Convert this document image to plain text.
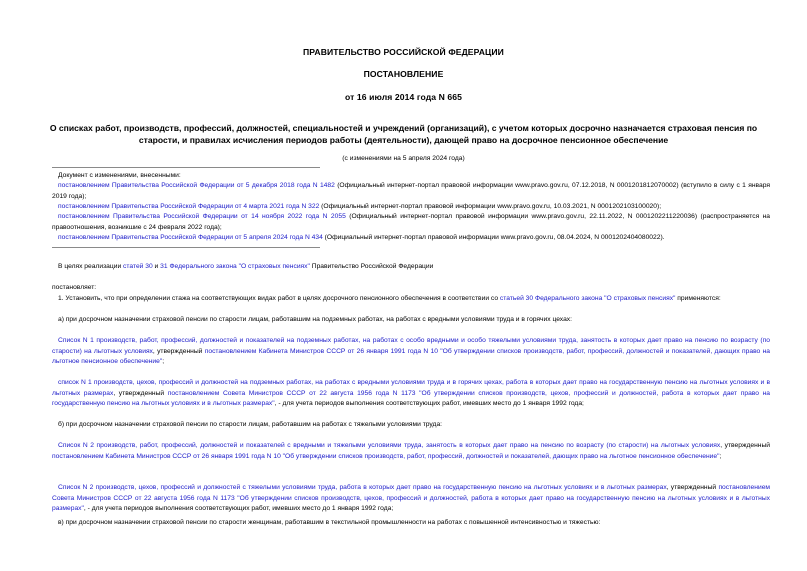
ПРАВИТЕЛЬСТВО РОССИЙСКОЙ ФЕДЕРАЦИИ
ПОСТАНОВЛЕНИЕ
от 16 июля 2014 года N 665
О списках работ, производств, профессий, должностей, специальностей и учреждений (организаций), с учетом которых досрочно назначается страховая пенсия по старости, и правилах исчисления периодов работы (деятельности), дающей право на досрочное пенсионное обеспечение
(с изменениями на 5 апреля 2024 года)

Документ с изменениями, внесенными:

постановлением Правительства Российской Федерации от 5 декабря 2018 года N 1482 (Официальный интернет-портал правовой информации www.pravo.gov.ru, 07.12.2018, N 0001201812070002) (вступило в силу с 1 января 2019 года);

постановлением Правительства Российской Федерации от 4 марта 2021 года N 322 (Официальный интернет-портал правовой информации www.pravo.gov.ru, 10.03.2021, N 0001202103100020);

постановлением Правительства Российской Федерации от 14 ноября 2022 года N 2055 (Официальный интернет-портал правовой информации www.pravo.gov.ru, 22.11.2022, N 0001202211220036) (распространяется на правоотношения, возникшие с 24 февраля 2022 года);

постановлением Правительства Российской Федерации от 5 апреля 2024 года N 434 (Официальный интернет-портал правовой информации www.pravo.gov.ru, 08.04.2024, N 0001202404080022).

В целях реализации статей 30 и 31 Федерального закона "О страховых пенсиях" Правительство Российской Федерации

постановляет:

1. Установить, что при определении стажа на соответствующих видах работ в целях досрочного пенсионного обеспечения в соответствии со статьей 30 Федерального закона "О страховых пенсиях" применяются:

а) при досрочном назначении страховой пенсии по старости лицам, работавшим на подземных работах, на работах с вредными условиями труда и в горячих цехах:

Список N 1 производств, работ, профессий, должностей и показателей на подземных работах, на работах с особо вредными и особо тяжелыми условиями труда, занятость в которых дает право на пенсию по возрасту (по старости) на льготных условиях, утвержденный постановлением Кабинета Министров СССР от 26 января 1991 года N 10 "Об утверждении списков производств, работ, профессий, должностей и показателей, дающих право на льготное пенсионное обеспечение";

список N 1 производств, цехов, профессий и должностей на подземных работах, на работах с вредными условиями труда и в горячих цехах, работа в которых дает право на государственную пенсию на льготных условиях и в льготных размерах, утвержденный постановлением Совета Министров СССР от 22 августа 1956 года N 1173 "Об утверждении списков производств, цехов, профессий и должностей, работа в которых дает право на государственную пенсию на льготных условиях и в льготных размерах", - для учета периодов выполнения соответствующих работ, имевших место до 1 января 1992 года;

б) при досрочном назначении страховой пенсии по старости лицам, работавшим на работах с тяжелыми условиями труда:

Список N 2 производств, работ, профессий, должностей и показателей с вредными и тяжелыми условиями труда, занятость в которых дает право на пенсию по возрасту (по старости) на льготных условиях, утвержденный постановлением Кабинета Министров СССР от 26 января 1991 года N 10 "Об утверждении списков производств, работ, профессий, должностей и показателей, дающих право на льготное пенсионное обеспечение";

Список N 2 производств, цехов, профессий и должностей с тяжелыми условиями труда, работа в которых дает право на государственную пенсию на льготных условиях и в льготных размерах, утвержденный постановлением Совета Министров СССР от 22 августа 1956 года N 1173 "Об утверждении списков производств, цехов, профессий и должностей, работа в которых дает право на государственную пенсию на льготных условиях и в льготных размерах", - для учета периодов выполнения соответствующих работ, имевших место до 1 января 1992 года;

в) при досрочном назначении страховой пенсии по старости женщинам, работавшим в текстильной промышленности на работах с повышенной интенсивностью и тяжестью:
